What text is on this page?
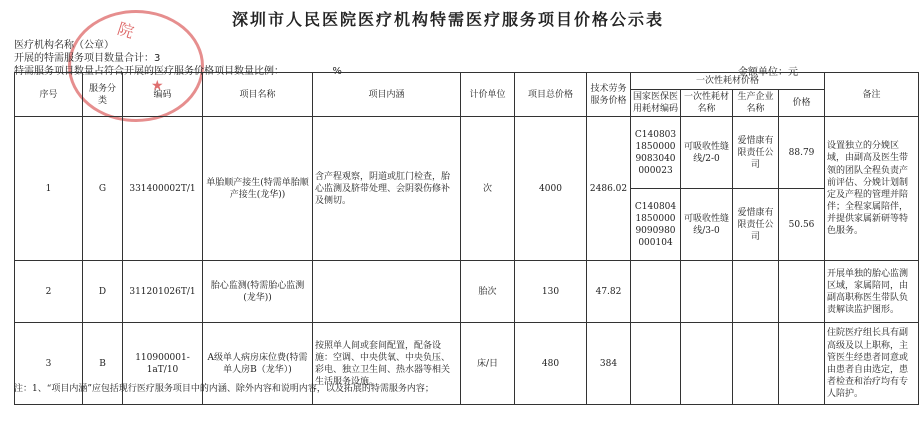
院
★
深圳市人民医院医疗机构特需医疗服务项目价格公示表
医疗机构名称（公章）
开展的特需服务项目数量合计：3
特需服务项目数量占符合开展的医疗服务价格项目数量比例：	%	金额单位：元
序号	服务分类	编码	项目名称	项目内涵	计价单位	项目总价格	技术劳务服务价格	一次性耗材价格				备注
								国家医保医用耗材编码	一次性耗材名称	生产企业名称	价格	
1	G	331400002T/1	单胎顺产接生(特需单胎顺产接生(龙华))	含产程观察，阴道或肛门检查，胎心监测及脐带处理、会阴裂伤修补及侧切。	次	4000	2486.02	C14080318500009083040000023	可吸收性缝线/2-0	爱惜康有限责任公司	88.79	设置独立的分娩区域，由副高及医生带领的团队全程负责产前评估、分娩计划制定及产程的管理并陪伴；全程家属陪伴，并提供家属新研等特色服务。
								C14080418500009090980000104	可吸收性缝线/3-0	爱惜康有限责任公司	50.56	
2	D	311201026T/1	胎心监测(特需胎心监测(龙华))		胎次	130	47.82					开展单独的胎心监测区域，家属陪同，由副高职称医生带队负责解读监护图形。
3	B	110900001-1aT/10	A级单人病房床位费(特需单人房B（龙华）)	按照单人间或套间配置，配备设施：空调、中央供氧、中央负压、彩电、独立卫生间、热水器等相关生活服务设施。	床/日	480	384					住院医疗组长具有副高级及以上职称，主管医生经患者同意或由患者自由选定，患者检查和治疗均有专人陪护。
注：1、“项目内涵”应包括现行医疗服务项目中的内涵、除外内容和说明内容，以及拓展的特需服务内容；
